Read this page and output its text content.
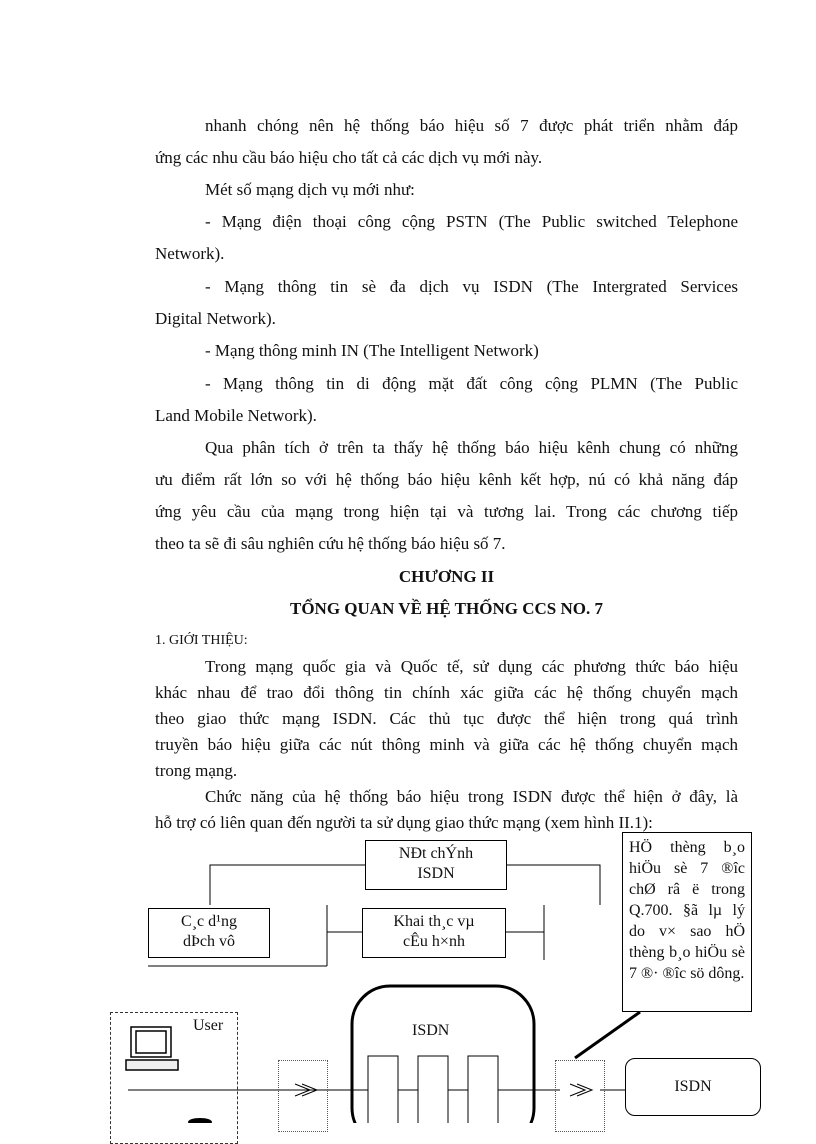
nhanh chóng nên hệ thống báo hiệu số 7 được phát triển nhằm đáp

ứng các nhu cầu báo hiệu cho tất cả các dịch vụ mới này.

Mét số mạng dịch vụ mới như:

- Mạng điện thoại công cộng PSTN (The Public switched Telephone

Network).

- Mạng thông tin sè đa dịch vụ ISDN (The Intergrated Services

Digital Network).

- Mạng thông minh IN (The Intelligent Network)

- Mạng thông tin di động mặt đất công cộng PLMN (The Public

Land Mobile Network).

Qua phân tích ở trên ta thấy hệ thống báo hiệu kênh chung có những

ưu điểm rất lớn so với hệ thống báo hiệu kênh kết hợp, nú có khả năng đáp

ứng yêu cầu của mạng trong hiện tại và tương lai. Trong các chương tiếp

theo ta sẽ đi sâu nghiên cứu hệ thống báo hiệu số 7.

CHƯƠNG II

TỔNG QUAN VỀ HỆ THỐNG CCS NO. 7

1. GIỚI THIỆU:

Trong mạng quốc gia và Quốc tế, sử dụng các phương thức báo hiệu

khác nhau để trao đổi thông tin chính xác giữa các hệ thống chuyển mạch

theo giao thức mạng ISDN. Các thủ tục được thể hiện trong quá trình

truyền báo hiệu giữa các nút thông minh và giữa các hệ thống chuyển mạch

trong mạng.

Chức năng của hệ thống báo hiệu trong ISDN được thể hiện ở đây, là

hỗ trợ có liên quan đến người ta sử dụng giao thức mạng (xem hình II.1):

NĐt chÝnh
ISDN
C¸c d¹ng
dÞch vô
Khai th¸c vµ
cÊu h×nh
HÖ thèng b¸o hiÖu sè 7 ®îc chØ râ ë trong Q.700. §ã lµ lý do v× sao hÖ thèng b¸o hiÖu sè 7 ®· ®îc sö dông.
User	ISDN
ISDN
